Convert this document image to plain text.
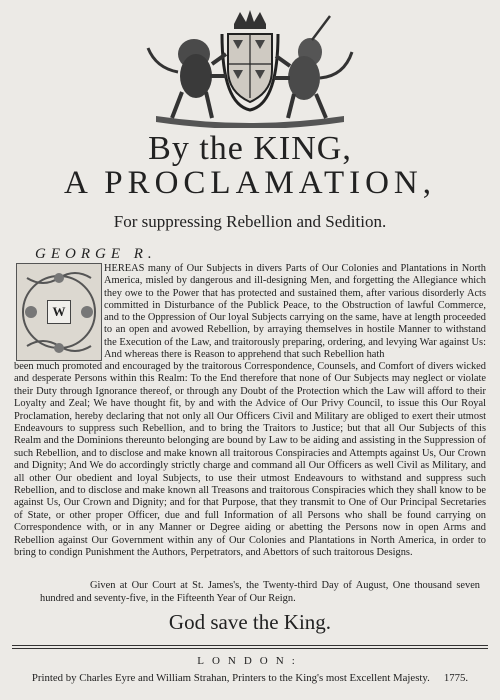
By the KING,
A PROCLAMATION,
For suppressing Rebellion and Sedition.
GEORGE R.
W
HEREAS many of Our Subjects in divers Parts of Our Colonies and Plantations in North America, misled by dangerous and ill-designing Men, and forgetting the Allegiance which they owe to the Power that has protected and sustained them, after various disorderly Acts committed in Disturbance of the Publick Peace, to the Obstruction of lawful Commerce, and to the Oppression of Our loyal Subjects carrying on the same, have at length proceeded to an open and avowed Rebellion, by arraying themselves in hostile Manner to withstand the Execution of the Law, and traitorously preparing, ordering, and levying War against Us: And whereas there is Reason to apprehend that such Rebellion hath
been much promoted and encouraged by the traitorous Correspondence, Counsels, and Comfort of divers wicked and desperate Persons within this Realm: To the End therefore that none of Our Subjects may neglect or violate their Duty through Ignorance thereof, or through any Doubt of the Protection which the Law will afford to their Loyalty and Zeal; We have thought fit, by and with the Advice of Our Privy Council, to issue this Our Royal Proclamation, hereby declaring that not only all Our Officers Civil and Military are obliged to exert their utmost Endeavours to suppress such Rebellion, and to bring the Traitors to Justice; but that all Our Subjects of this Realm and the Dominions thereunto belonging are bound by Law to be aiding and assisting in the Suppression of such Rebellion, and to disclose and make known all traitorous Conspiracies and Attempts against Us, Our Crown and Dignity; And We do accordingly strictly charge and command all Our Officers as well Civil as Military, and all other Our obedient and loyal Subjects, to use their utmost Endeavours to withstand and suppress such Rebellion, and to disclose and make known all Treasons and traitorous Conspiracies which they shall know to be against Us, Our Crown and Dignity; and for that Purpose, that they transmit to One of Our Principal Secretaries of State, or other proper Officer, due and full Information of all Persons who shall be found carrying on Correspondence with, or in any Manner or Degree aiding or abetting the Persons now in open Arms and Rebellion against Our Government within any of Our Colonies and Plantations in North America, in order to bring to condign Punishment the Authors, Perpetrators, and Abettors of such traitorous Designs.
Given at Our Court at St. James's, the Twenty-third Day of August, One thousand seven hundred and seventy-five, in the Fifteenth Year of Our Reign.
God save the King.
LONDON:
Printed by Charles Eyre and William Strahan, Printers to the King's most Excellent Majesty. 1775.
